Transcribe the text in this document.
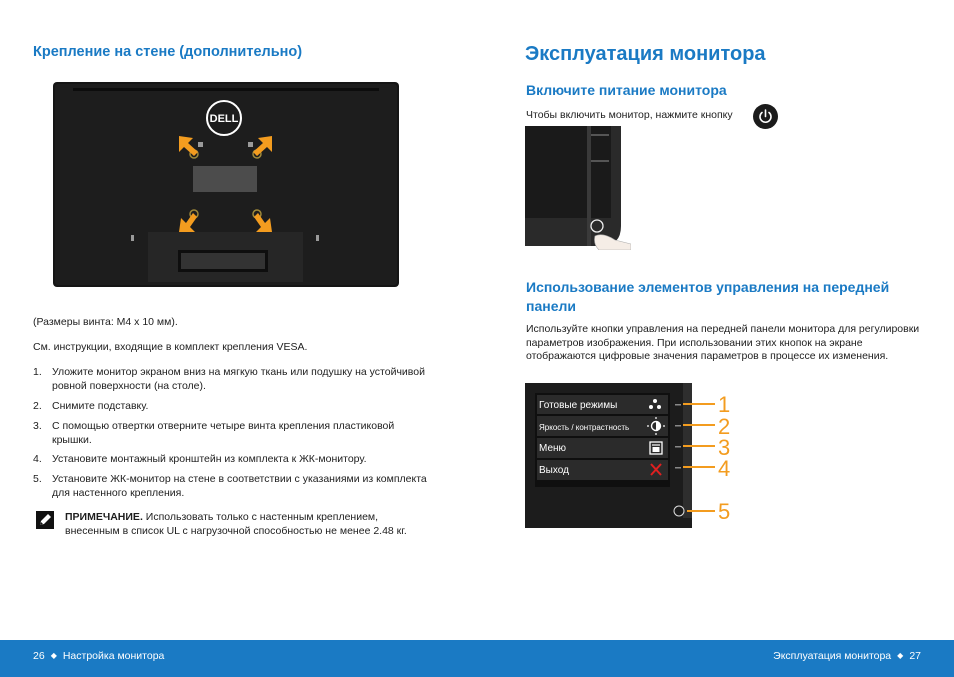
Крепление на стене (дополнительно)
DELL
(Размеры винта: M4 x 10 мм).
См. инструкции, входящие в комплект крепления VESA.
1. Уложите монитор экраном вниз на мягкую ткань или подушку на устойчивой ровной поверхности (на столе).
2. Снимите подставку.
3. С помощью отвертки отверните четыре винта крепления пластиковой крышки.
4. Установите монтажный кронштейн из комплекта к ЖК-монитору.
5. Установите ЖК-монитор на стене в соответствии с указаниями из комплекта для настенного крепления.
ПРИМЕЧАНИЕ. Использовать только с настенным креплением, внесенным в список UL с нагрузочной способностью не менее 2.48 кг.
Эксплуатация монитора
Включите питание монитора
Чтобы включить монитор, нажмите кнопку
Использование элементов управления на передней панели
Используйте кнопки управления на передней панели монитора для регулировки параметров изображения. При использовании этих кнопок на экране отображаются цифровые значения параметров в процессе их изменения.
Готовые режимы
Яркость / контрастность
Меню
Выход
1
2
3
4
5
26 ◆ Настройка монитора	Эксплуатация монитора ◆ 27
